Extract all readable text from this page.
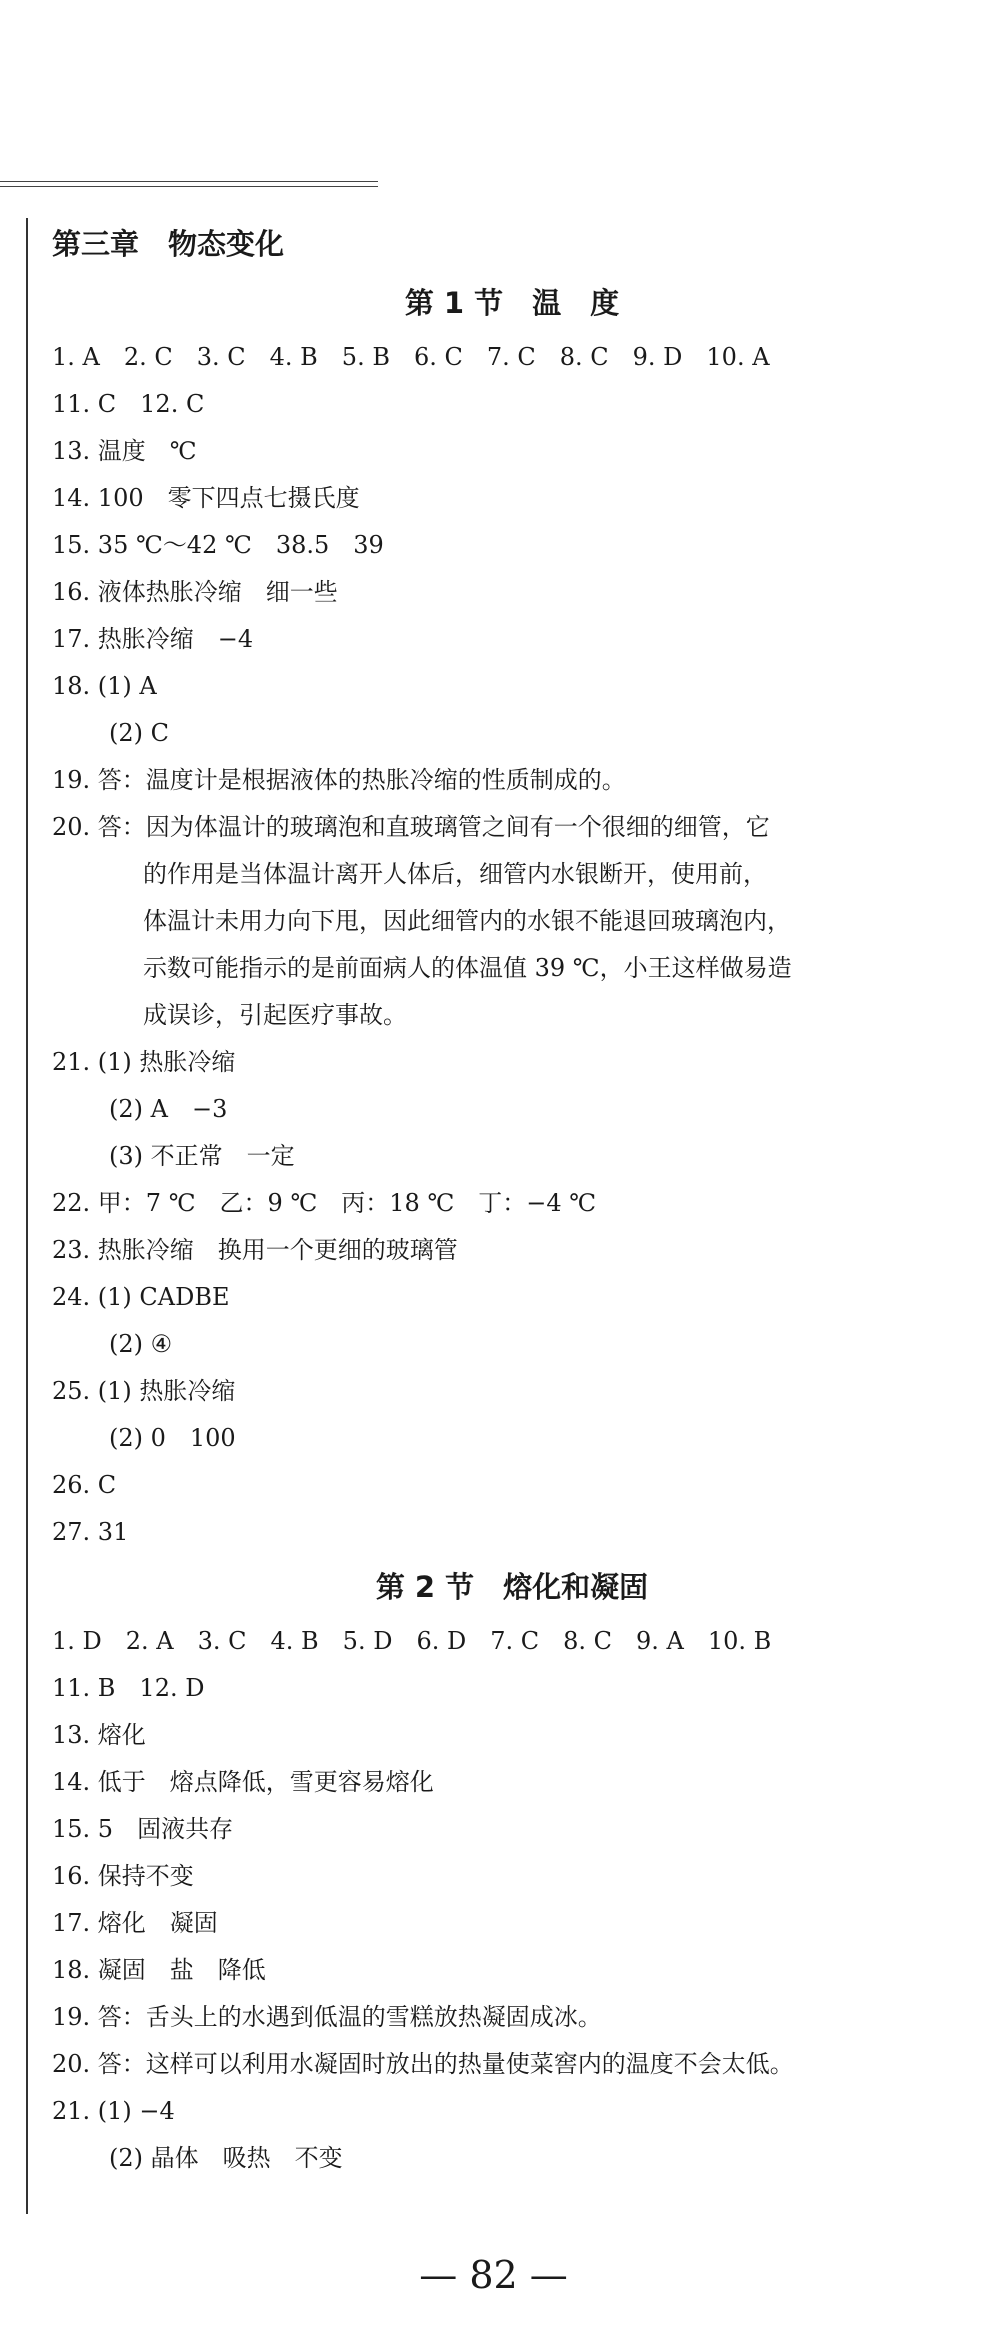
第三章　物态变化
第 1 节　温　度
1. A　2. C　3. C　4. B　5. B　6. C　7. C　8. C　9. D　10. A
11. C　12. C
13. 温度　℃
14. 100　零下四点七摄氏度
15. 35 ℃～42 ℃　38.5　39
16. 液体热胀冷缩　细一些
17. 热胀冷缩　−4
18. (1) A
(2) C
19. 答：温度计是根据液体的热胀冷缩的性质制成的。
20. 答：因为体温计的玻璃泡和直玻璃管之间有一个很细的细管，它
的作用是当体温计离开人体后，细管内水银断开，使用前，
体温计未用力向下甩，因此细管内的水银不能退回玻璃泡内，
示数可能指示的是前面病人的体温值 39 ℃，小王这样做易造
成误诊，引起医疗事故。
21. (1) 热胀冷缩
(2) A　−3
(3) 不正常　一定
22. 甲：7 ℃　乙：9 ℃　丙：18 ℃　丁：−4 ℃
23. 热胀冷缩　换用一个更细的玻璃管
24. (1) CADBE
(2) ④
25. (1) 热胀冷缩
(2) 0　100
26. C
27. 31
第 2 节　熔化和凝固
1. D　2. A　3. C　4. B　5. D　6. D　7. C　8. C　9. A　10. B
11. B　12. D
13. 熔化
14. 低于　熔点降低，雪更容易熔化
15. 5　固液共存
16. 保持不变
17. 熔化　凝固
18. 凝固　盐　降低
19. 答：舌头上的水遇到低温的雪糕放热凝固成冰。
20. 答：这样可以利用水凝固时放出的热量使菜窖内的温度不会太低。
21. (1) −4
(2) 晶体　吸热　不变
— 82 —
